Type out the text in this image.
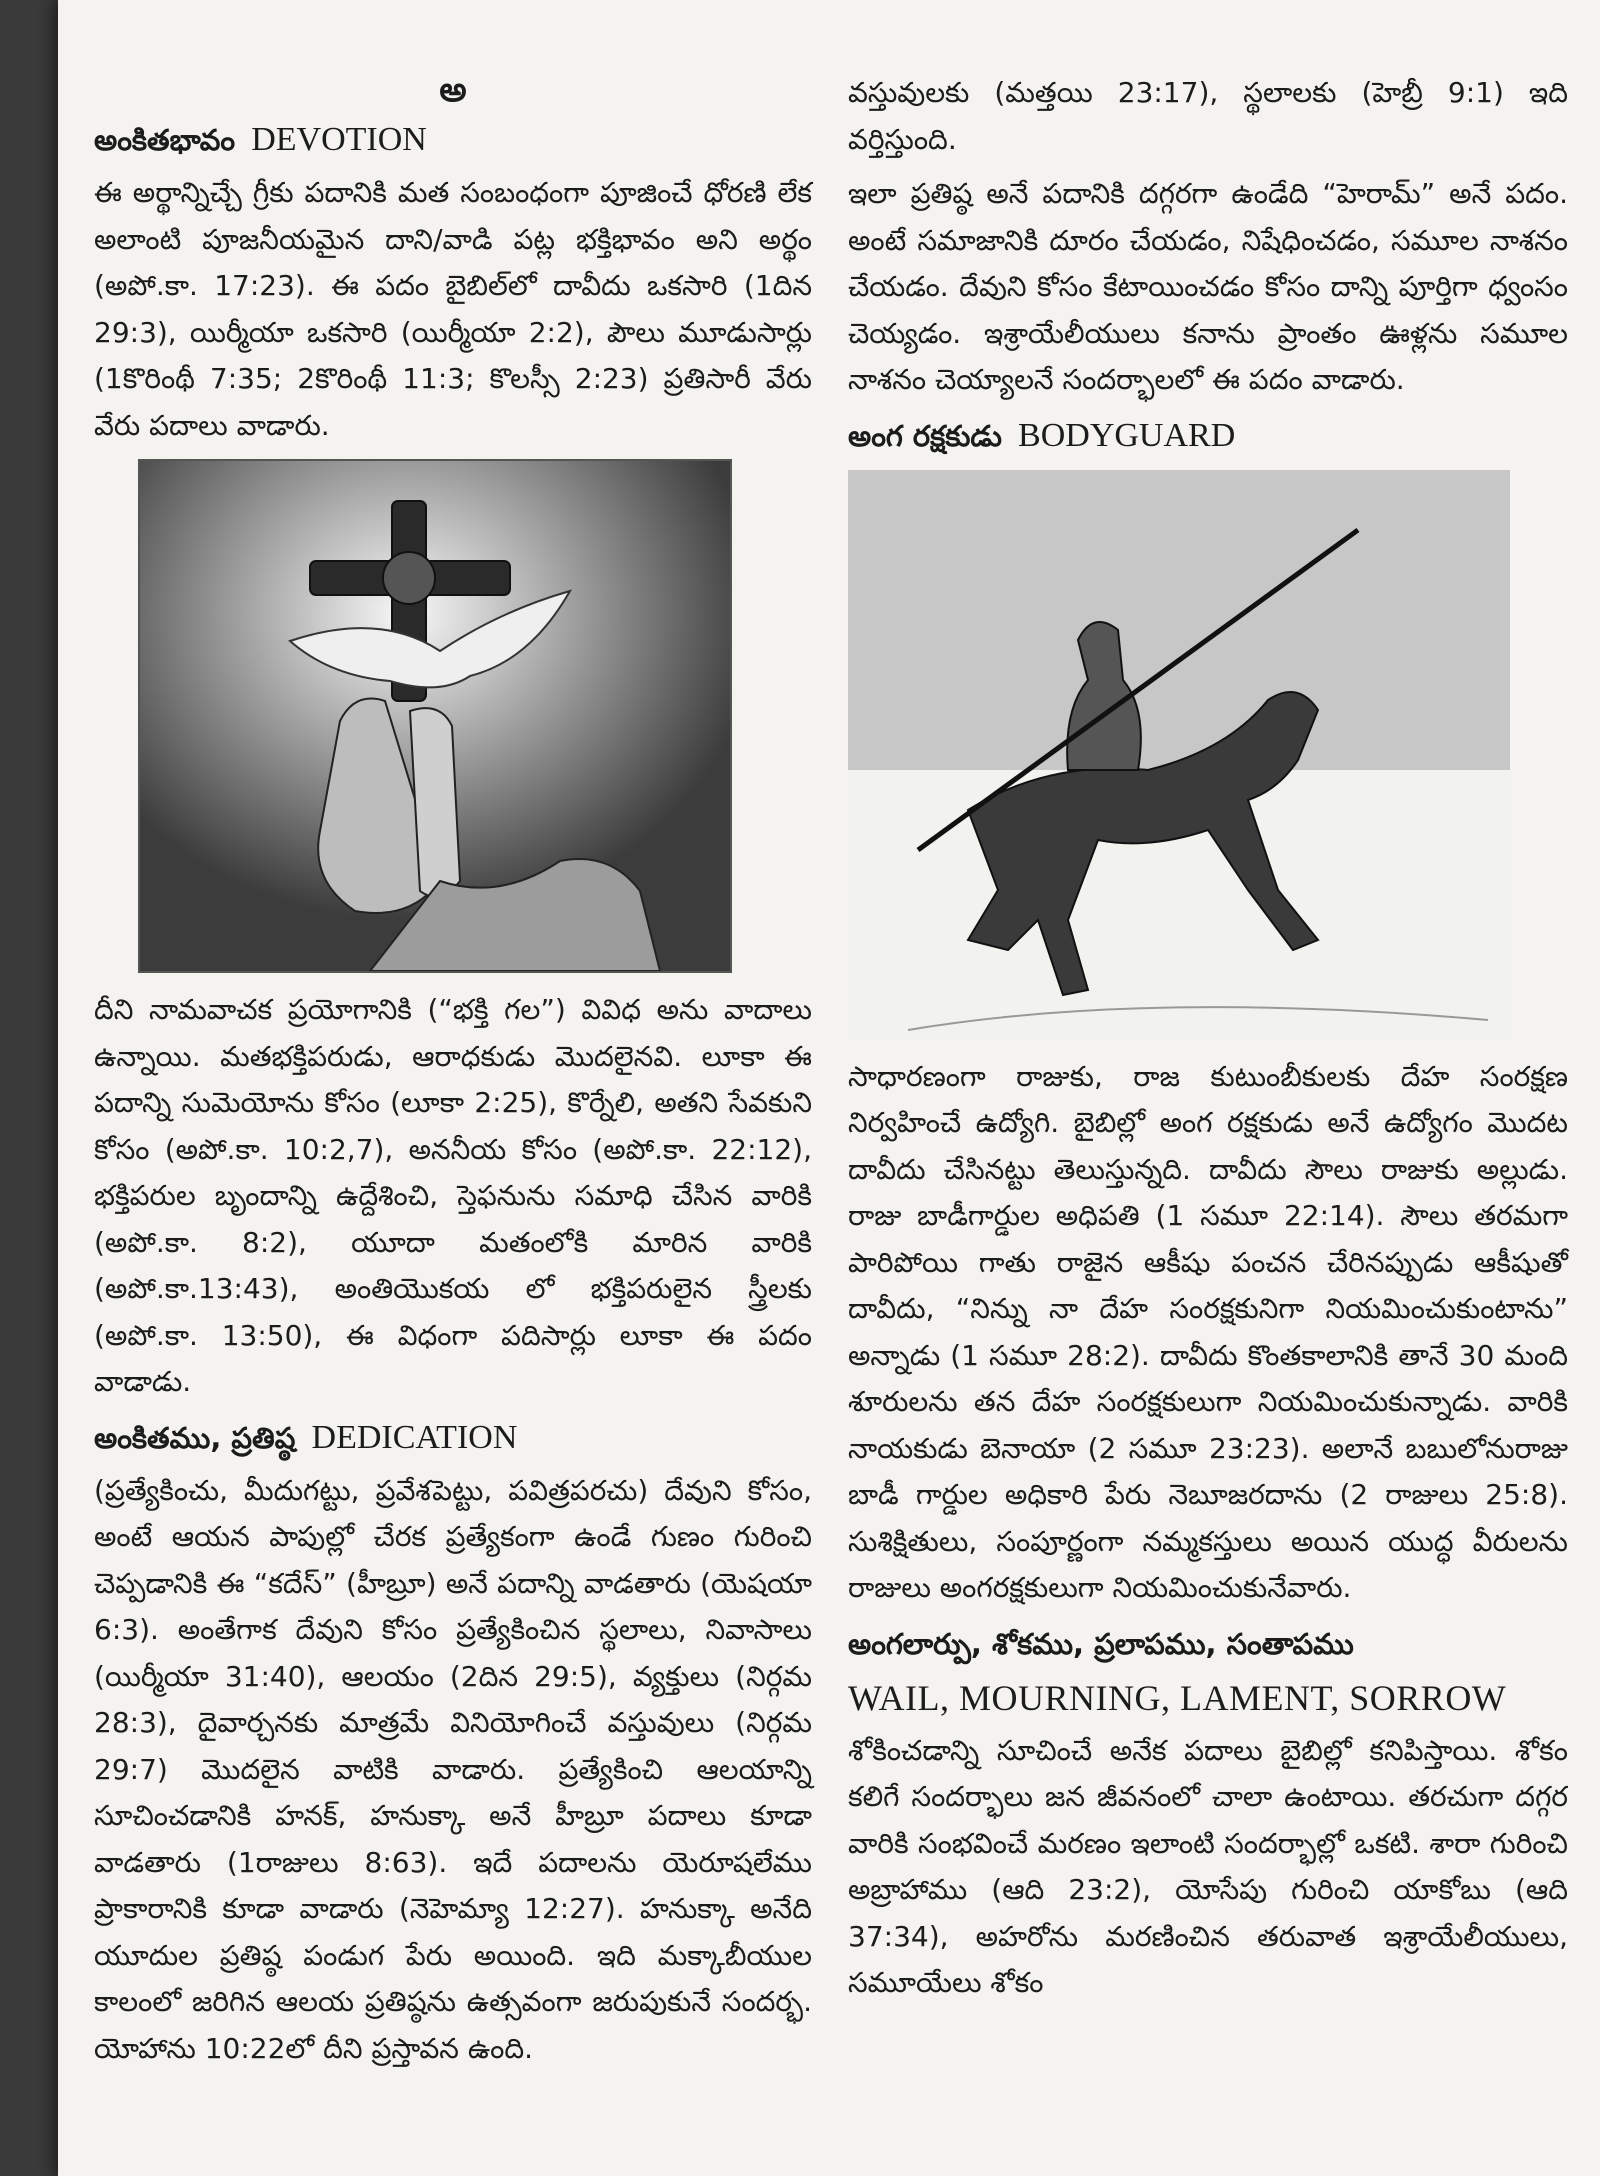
అ
అంకితభావం DEVOTION

ఈ అర్థాన్నిచ్చే గ్రీకు పదానికి మత సంబంధంగా పూజించే ధోరణి లేక అలాంటి పూజనీయమైన దాని/వాడి పట్ల భక్తిభావం అని అర్థం (అపో.కా. 17:23). ఈ పదం బైబిల్‌లో దావీదు ఒకసారి (1దిన 29:3), యిర్మీయా ఒకసారి (యిర్మీయా 2:2), పౌలు మూడుసార్లు (1కొరింథీ 7:35; 2కొరింథీ 11:3; కొలస్సీ 2:23) ప్రతిసారీ వేరు వేరు పదాలు వాడారు.

దీని నామవాచక ప్రయోగానికి (“భక్తి గల”) వివిధ అను వాదాలు ఉన్నాయి. మతభక్తిపరుడు, ఆరాధకుడు మొదలైనవి. లూకా ఈ పదాన్ని సుమెయోను కోసం (లూకా 2:25), కొర్నేలి, అతని సేవకుని కోసం (అపో.కా. 10:2,7), అననీయ కోసం (అపో.కా. 22:12), భక్తిపరుల బృందాన్ని ఉద్దేశించి, స్తెఫనును సమాధి చేసిన వారికి (అపో.కా. 8:2), యూదా మతంలోకి మారిన వారికి (అపో.కా.13:43), అంతియొకయ లో భక్తిపరులైన స్త్రీలకు (అపో.కా. 13:50), ఈ విధంగా పదిసార్లు లూకా ఈ పదం వాడాడు.

అంకితము, ప్రతిష్ఠ DEDICATION

(ప్రత్యేకించు, మీదుగట్టు, ప్రవేశపెట్టు, పవిత్రపరచు) దేవుని కోసం, అంటే ఆయన పాపుల్లో చేరక ప్రత్యేకంగా ఉండే గుణం గురించి చెప్పడానికి ఈ “కదేస్” (హీబ్రూ) అనే పదాన్ని వాడతారు (యెషయా 6:3). అంతేగాక దేవుని కోసం ప్రత్యేకించిన స్థలాలు, నివాసాలు (యిర్మీయా 31:40), ఆలయం (2దిన 29:5), వ్యక్తులు (నిర్గమ 28:3), దైవార్చనకు మాత్రమే వినియోగించే వస్తువులు (నిర్గమ 29:7) మొదలైన వాటికి వాడారు. ప్రత్యేకించి ఆలయాన్ని సూచించడానికి హనక్, హనుక్కా అనే హీబ్రూ పదాలు కూడా వాడతారు (1రాజులు 8:63). ఇదే పదాలను యెరూషలేము ప్రాకారానికి కూడా వాడారు (నెహెమ్యా 12:27). హనుక్కా అనేది యూదుల ప్రతిష్ఠ పండుగ పేరు అయింది. ఇది మక్కాబీయుల కాలంలో జరిగిన ఆలయ ప్రతిష్ఠను ఉత్సవంగా జరుపుకునే సందర్భ. యోహాను 10:22లో దీని ప్రస్తావన ఉంది.

వస్తువులకు (మత్తయి 23:17), స్థలాలకు (హెబ్రీ 9:1) ఇది వర్తిస్తుంది.

ఇలా ప్రతిష్ఠ అనే పదానికి దగ్గరగా ఉండేది “హెరామ్” అనే పదం. అంటే సమాజానికి దూరం చేయడం, నిషేధించడం, సమూల నాశనం చేయడం. దేవుని కోసం కేటాయించడం కోసం దాన్ని పూర్తిగా ధ్వంసం చెయ్యడం. ఇశ్రాయేలీయులు కనాను ప్రాంతం ఊళ్లను సమూల నాశనం చెయ్యాలనే సందర్భాలలో ఈ పదం వాడారు.

అంగ రక్షకుడు BODYGUARD

సాధారణంగా రాజుకు, రాజ కుటుంబీకులకు దేహ సంరక్షణ నిర్వహించే ఉద్యోగి. బైబిల్లో అంగ రక్షకుడు అనే ఉద్యోగం మొదట దావీదు చేసినట్టు తెలుస్తున్నది. దావీదు సౌలు రాజుకు అల్లుడు. రాజు బాడీగార్డుల అధిపతి (1 సమూ 22:14). సౌలు తరమగా పారిపోయి గాతు రాజైన ఆకీషు పంచన చేరినప్పుడు ఆకీషుతో దావీదు, “నిన్ను నా దేహ సంరక్షకునిగా నియమించుకుంటాను” అన్నాడు (1 సమూ 28:2). దావీదు కొంతకాలానికి తానే 30 మంది శూరులను తన దేహ సంరక్షకులుగా నియమించుకున్నాడు. వారికి నాయకుడు బెనాయా (2 సమూ 23:23). అలానే బబులోనురాజు బాడీ గార్డుల అధికారి పేరు నెబూజరదాను (2 రాజులు 25:8). సుశిక్షితులు, సంపూర్ణంగా నమ్మకస్తులు అయిన యుద్ధ వీరులను రాజులు అంగరక్షకులుగా నియమించుకునేవారు.

అంగలార్పు, శోకము, ప్రలాపము, సంతాపము
WAIL, MOURNING, LAMENT, SORROW

శోకించడాన్ని సూచించే అనేక పదాలు బైబిల్లో కనిపిస్తాయి. శోకం కలిగే సందర్భాలు జన జీవనంలో చాలా ఉంటాయి. తరచుగా దగ్గర వారికి సంభవించే మరణం ఇలాంటి సందర్భాల్లో ఒకటి. శారా గురించి అబ్రాహాము (ఆది 23:2), యోసేపు గురించి యాకోబు (ఆది 37:34), అహరోను మరణించిన తరువాత ఇశ్రాయేలీయులు, సమూయేలు శోకం
